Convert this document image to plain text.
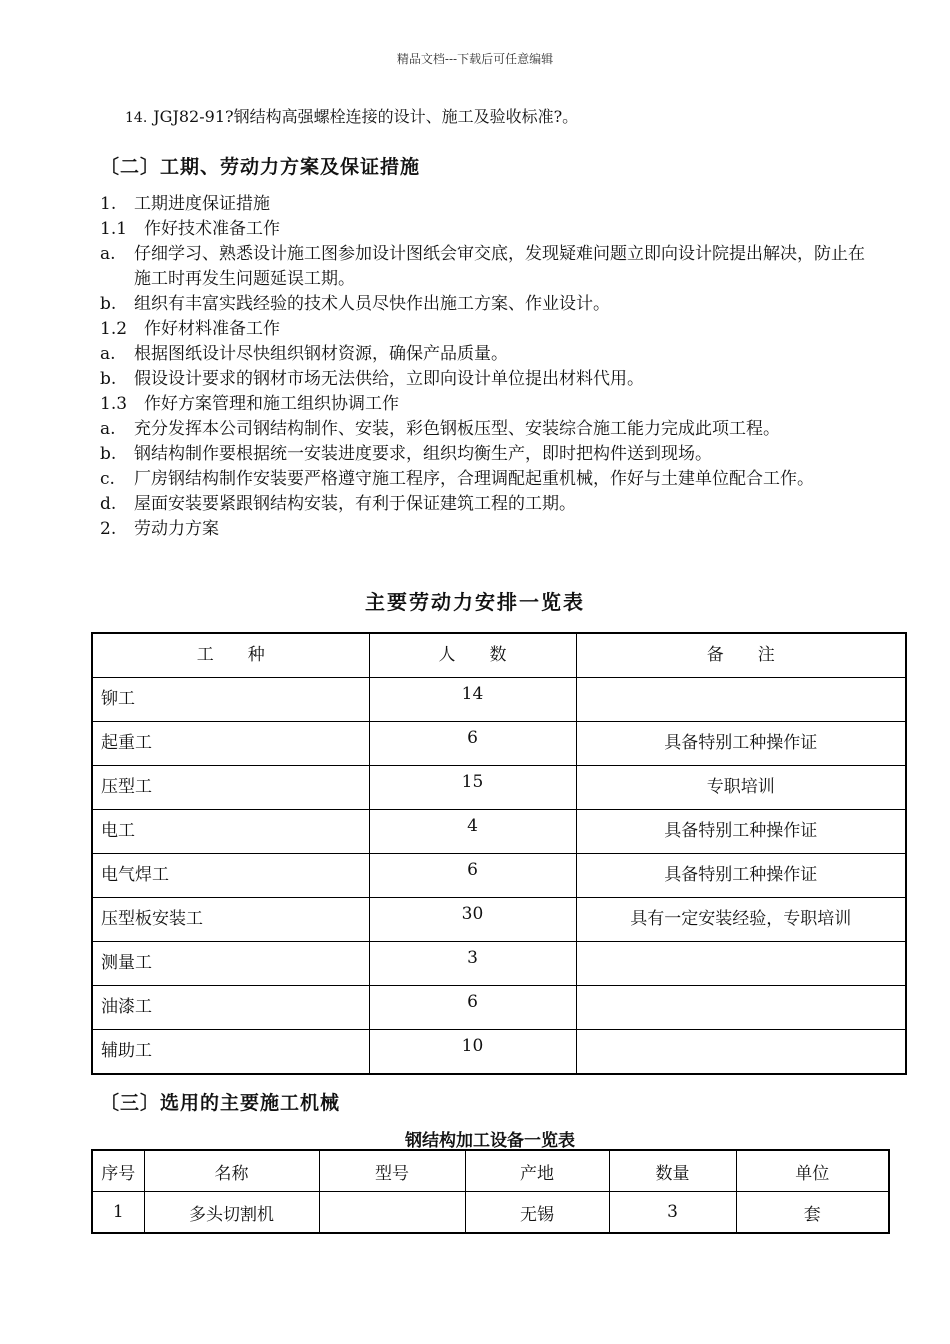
精品文档---下载后可任意编辑
14. JGJ82-91?钢结构高强螺栓连接的设计、施工及验收标准?。
〔二〕工期、劳动力方案及保证措施
1. 工期进度保证措施
1.1 作好技术准备工作
a. 仔细学习、熟悉设计施工图参加设计图纸会审交底，发现疑难问题立即向设计院提出解决，防止在施工时再发生问题延误工期。
b. 组织有丰富实践经验的技术人员尽快作出施工方案、作业设计。
1.2 作好材料准备工作
a. 根据图纸设计尽快组织钢材资源，确保产品质量。
b. 假设设计要求的钢材市场无法供给，立即向设计单位提出材料代用。
1.3 作好方案管理和施工组织协调工作
a. 充分发挥本公司钢结构制作、安装，彩色钢板压型、安装综合施工能力完成此项工程。
b. 钢结构制作要根据统一安装进度要求，组织均衡生产，即时把构件送到现场。
c. 厂房钢结构制作安装要严格遵守施工程序，合理调配起重机械，作好与土建单位配合工作。
d. 屋面安装要紧跟钢结构安装，有利于保证建筑工程的工期。
2. 劳动力方案
主要劳动力安排一览表
工　　种	人　　数	备　　注
铆工	14	
起重工	6	具备特别工种操作证
压型工	15	专职培训
电工	4	具备特别工种操作证
电气焊工	6	具备特别工种操作证
压型板安装工	30	具有一定安装经验，专职培训
测量工	3	
油漆工	6	
辅助工	10	
〔三〕选用的主要施工机械
钢结构加工设备一览表
序号	名称	型号	产地	数量	单位
1	多头切割机		无锡	3	套
